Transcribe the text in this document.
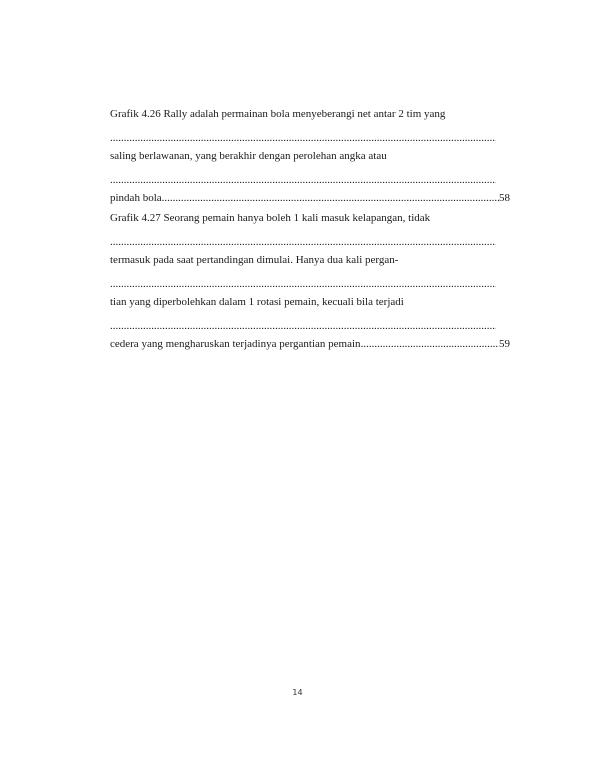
Grafik 4.26 Rally adalah permainan bola menyeberangi net antar 2 tim yang
.....
saling berlawanan, yang berakhir dengan perolehan angka atau
.....
pindah bola .....	58
Grafik 4.27 Seorang pemain hanya boleh 1 kali masuk kelapangan, tidak
.....
termasuk pada saat pertandingan dimulai. Hanya dua kali pergan-
.....
tian yang diperbolehkan dalam 1 rotasi pemain, kecuali bila terjadi
.....
cedera yang mengharuskan terjadinya pergantian pemain .....	59
14
